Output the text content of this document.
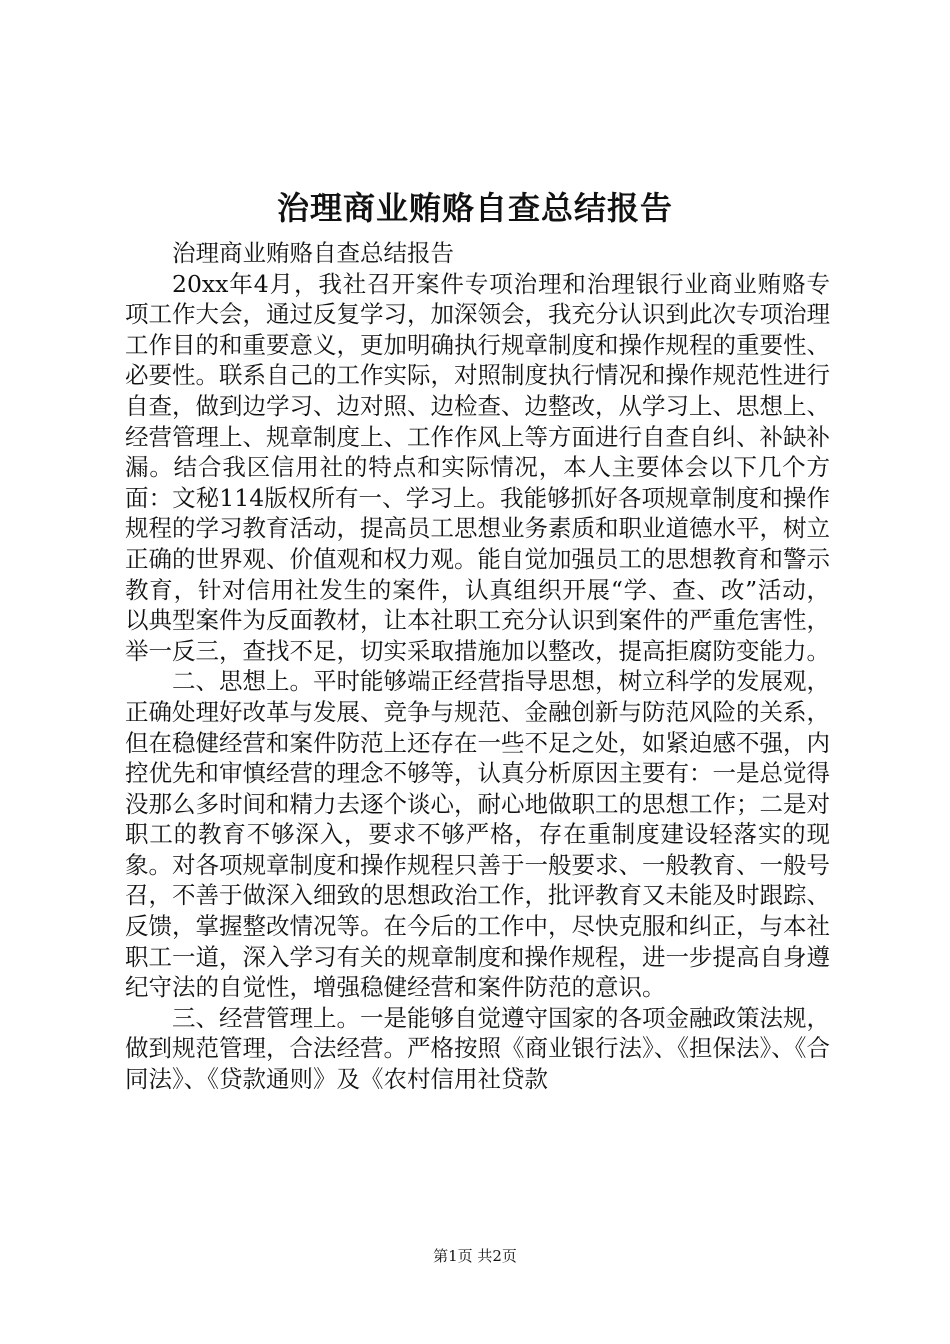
治理商业贿赂自查总结报告

治理商业贿赂自查总结报告

20xx年4月，我社召开案件专项治理和治理银行业商业贿赂专项工作大会，通过反复学习，加深领会，我充分认识到此次专项治理工作目的和重要意义，更加明确执行规章制度和操作规程的重要性、必要性。联系自己的工作实际，对照制度执行情况和操作规范性进行自查，做到边学习、边对照、边检查、边整改，从学习上、思想上、经营管理上、规章制度上、工作作风上等方面进行自查自纠、补缺补漏。结合我区信用社的特点和实际情况，本人主要体会以下几个方面：文秘114版权所有一、学习上。我能够抓好各项规章制度和操作规程的学习教育活动，提高员工思想业务素质和职业道德水平，树立正确的世界观、价值观和权力观。能自觉加强员工的思想教育和警示教育，针对信用社发生的案件，认真组织开展“学、查、改”活动，以典型案件为反面教材，让本社职工充分认识到案件的严重危害性，举一反三，查找不足，切实采取措施加以整改，提高拒腐防变能力。

二、思想上。平时能够端正经营指导思想，树立科学的发展观，正确处理好改革与发展、竞争与规范、金融创新与防范风险的关系，但在稳健经营和案件防范上还存在一些不足之处，如紧迫感不强，内控优先和审慎经营的理念不够等，认真分析原因主要有：一是总觉得没那么多时间和精力去逐个谈心，耐心地做职工的思想工作；二是对职工的教育不够深入，要求不够严格，存在重制度建设轻落实的现象。对各项规章制度和操作规程只善于一般要求、一般教育、一般号召，不善于做深入细致的思想政治工作，批评教育又未能及时跟踪、反馈，掌握整改情况等。在今后的工作中，尽快克服和纠正，与本社职工一道，深入学习有关的规章制度和操作规程，进一步提高自身遵纪守法的自觉性，增强稳健经营和案件防范的意识。

三、经营管理上。一是能够自觉遵守国家的各项金融政策法规，做到规范管理，合法经营。严格按照《商业银行法》、《担保法》、《合同法》、《贷款通则》及《农村信用社贷款

第1页 共2页
